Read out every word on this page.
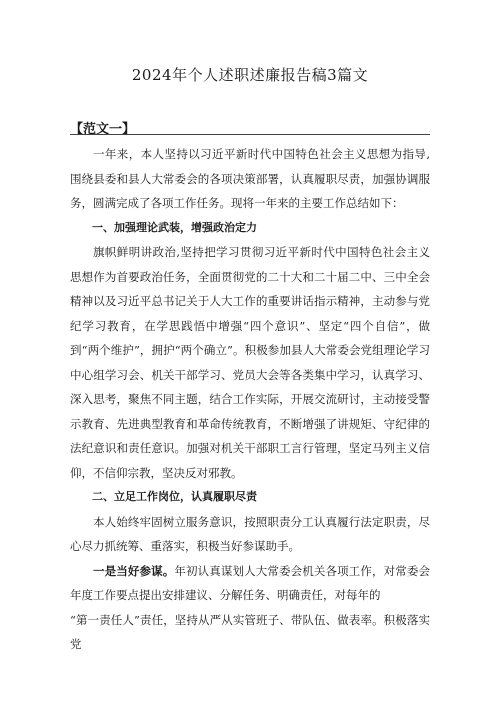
2024年个人述职述廉报告稿3篇文
【范文一】

一年来，本人坚持以习近平新时代中国特色社会主义思想为指导,围绕县委和县人大常委会的各项决策部署，认真履职尽责，加强协调服务，圆满完成了各项工作任务。现将一年来的主要工作总结如下：

一、加强理论武装，增强政治定力

旗帜鲜明讲政治,坚持把学习贯彻习近平新时代中国特色社会主义思想作为首要政治任务，全面贯彻党的二十大和二十届二中、三中全会精神以及习近平总书记关于人大工作的重要讲话指示精神，主动参与党纪学习教育，在学思践悟中增强“四个意识”、坚定“四个自信”，做到“两个维护”，拥护“两个确立”。积极参加县人大常委会党组理论学习中心组学习会、机关干部学习、党员大会等各类集中学习，认真学习、深入思考，聚焦不同主题，结合工作实际，开展交流研讨，主动接受警示教育、先进典型教育和革命传统教育，不断增强了讲规矩、守纪律的法纪意识和责任意识。加强对机关干部职工言行管理，坚定马列主义信仰，不信仰宗教，坚决反对邪教。

二、立足工作岗位，认真履职尽责

本人始终牢固树立服务意识，按照职责分工认真履行法定职责，尽心尽力抓统筹、重落实，积极当好参谋助手。

一是当好参谋。年初认真谋划人大常委会机关各项工作，对常委会年度工作要点提出安排建议、分解任务、明确责任，对每年的

“第一责任人”责任，坚持从严从实管班子、带队伍、做表率。积极落实党
